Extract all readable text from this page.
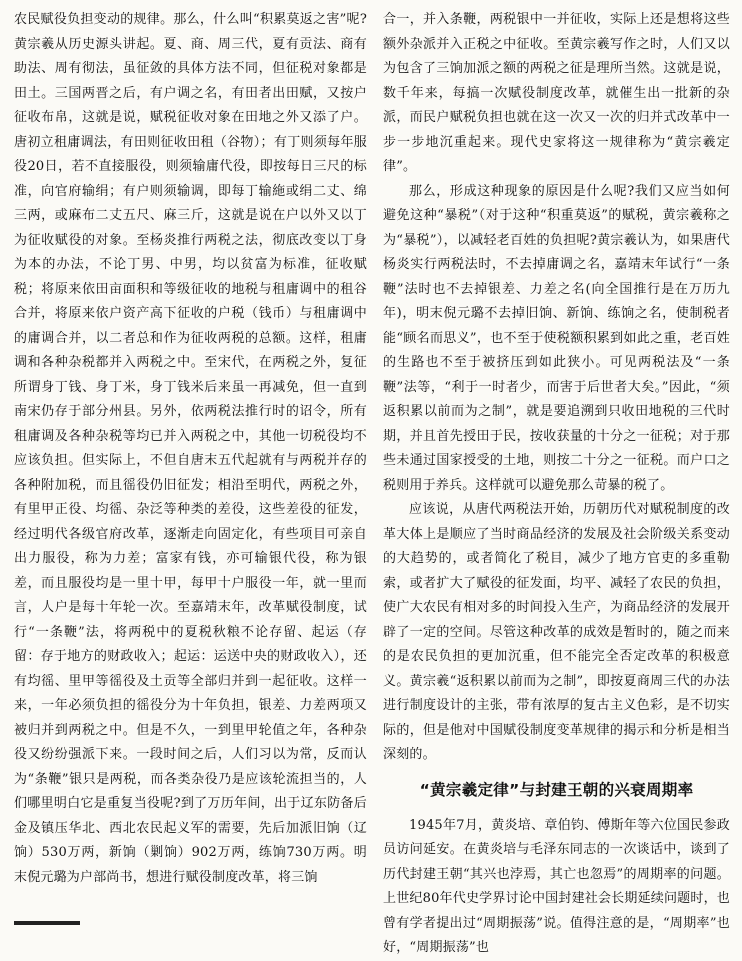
农民赋役负担变动的规律。那么，什么叫“积累莫返之害”呢?黄宗羲从历史源头讲起。夏、商、周三代，夏有贡法、商有助法、周有彻法，虽征敛的具体方法不同，但征税对象都是田土。三国两晋之后，有户调之名，有田者出田赋，又按户征收布帛，这就是说，赋税征收对象在田地之外又添了户。唐初立租庸调法，有田则征收田租（谷物）；有丁则须每年服役20日，若不直接服役，则须输庸代役，即按每日三尺的标准，向官府输绢；有户则须输调，即每丁输絁或绢二丈、绵三两，或麻布二丈五尺、麻三斤，这就是说在户以外又以丁为征收赋役的对象。至杨炎推行两税之法，彻底改变以丁身为本的办法，不论丁男、中男，均以贫富为标准，征收赋税；将原来依田亩面积和等级征收的地税与租庸调中的租谷合并，将原来依户资产高下征收的户税（钱币）与租庸调中的庸调合并，以二者总和作为征收两税的总额。这样，租庸调和各种杂税都并入两税之中。至宋代，在两税之外，复征所谓身丁钱、身丁米，身丁钱米后来虽一再减免，但一直到南宋仍存于部分州县。另外，依两税法推行时的诏令，所有租庸调及各种杂税等均已并入两税之中，其他一切税役均不应该负担。但实际上，不但自唐末五代起就有与两税并存的各种附加税，而且徭役仍旧征发；相沿至明代，两税之外，有里甲正役、均徭、杂泛等种类的差役，这些差役的征发，经过明代各级官府改革，逐渐走向固定化，有些项目可亲自出力服役，称为力差；富家有钱，亦可输银代役，称为银差，而且服役均是一里十甲，每甲十户服役一年，就一里而言，人户是每十年轮一次。至嘉靖末年，改革赋役制度，试行“一条鞭”法，将两税中的夏税秋粮不论存留、起运（存留：存于地方的财政收入；起运：运送中央的财政收入），还有均徭、里甲等徭役及土贡等全部归并到一起征收。这样一来，一年必须负担的徭役分为十年负担，银差、力差两项又被归并到两税之中。但是不久，一到里甲轮值之年，各种杂役又纷纷强派下来。一段时间之后，人们习以为常，反而认为“条鞭”银只是两税，而各类杂役乃是应该轮流担当的，人们哪里明白它是重复当役呢?到了万历年间，出于辽东防备后金及镇压华北、西北农民起义军的需要，先后加派旧饷（辽饷）530万两，新饷（剿饷）902万两，练饷730万两。明末倪元璐为户部尚书，想进行赋役制度改革，将三饷

合一，并入条鞭，两税银中一并征收，实际上还是想将这些额外杂派并入正税之中征收。至黄宗羲写作之时，人们又以为包含了三饷加派之额的两税之征是理所当然。这就是说，数千年来，每搞一次赋役制度改革，就催生出一批新的杂派，而民户赋税负担也就在这一次又一次的归并式改革中一步一步地沉重起来。现代史家将这一规律称为“黄宗羲定律”。

那么，形成这种现象的原因是什么呢?我们又应当如何避免这种“暴税”（对于这种“积重莫返”的赋税，黄宗羲称之为“暴税”），以减轻老百姓的负担呢?黄宗羲认为，如果唐代杨炎实行两税法时，不去掉庸调之名，嘉靖末年试行“一条鞭”法时也不去掉银差、力差之名(向全国推行是在万历九年)，明末倪元璐不去掉旧饷、新饷、练饷之名，使制税者能“顾名而思义”，也不至于使税额积累到如此之重，老百姓的生路也不至于被挤压到如此狭小。可见两税法及“一条鞭”法等，“利于一时者少，而害于后世者大矣。”因此，“须返积累以前而为之制”，就是要追溯到只收田地税的三代时期，并且首先授田于民，按收获量的十分之一征税；对于那些未通过国家授受的土地，则按二十分之一征税。而户口之税则用于养兵。这样就可以避免那么苛暴的税了。

应该说，从唐代两税法开始，历朝历代对赋税制度的改革大体上是顺应了当时商品经济的发展及社会阶级关系变动的大趋势的，或者简化了税目，减少了地方官吏的多重勒索，或者扩大了赋役的征发面，均平、减轻了农民的负担，使广大农民有相对多的时间投入生产，为商品经济的发展开辟了一定的空间。尽管这种改革的成效是暂时的，随之而来的是农民负担的更加沉重，但不能完全否定改革的积极意义。黄宗羲“返积累以前而为之制”，即按夏商周三代的办法进行制度设计的主张，带有浓厚的复古主义色彩，是不切实际的，但是他对中国赋役制度变革规律的揭示和分析是相当深刻的。

“黄宗羲定律”与封建王朝的兴衰周期率

1945年7月，黄炎培、章伯钧、傅斯年等六位国民参政员访问延安。在黄炎培与毛泽东同志的一次谈话中，谈到了历代封建王朝“其兴也浡焉，其亡也忽焉”的周期率的问题。上世纪80年代史学界讨论中国封建社会长期延续问题时，也曾有学者提出过“周期振荡”说。值得注意的是，“周期率”也好，“周期振荡”也
